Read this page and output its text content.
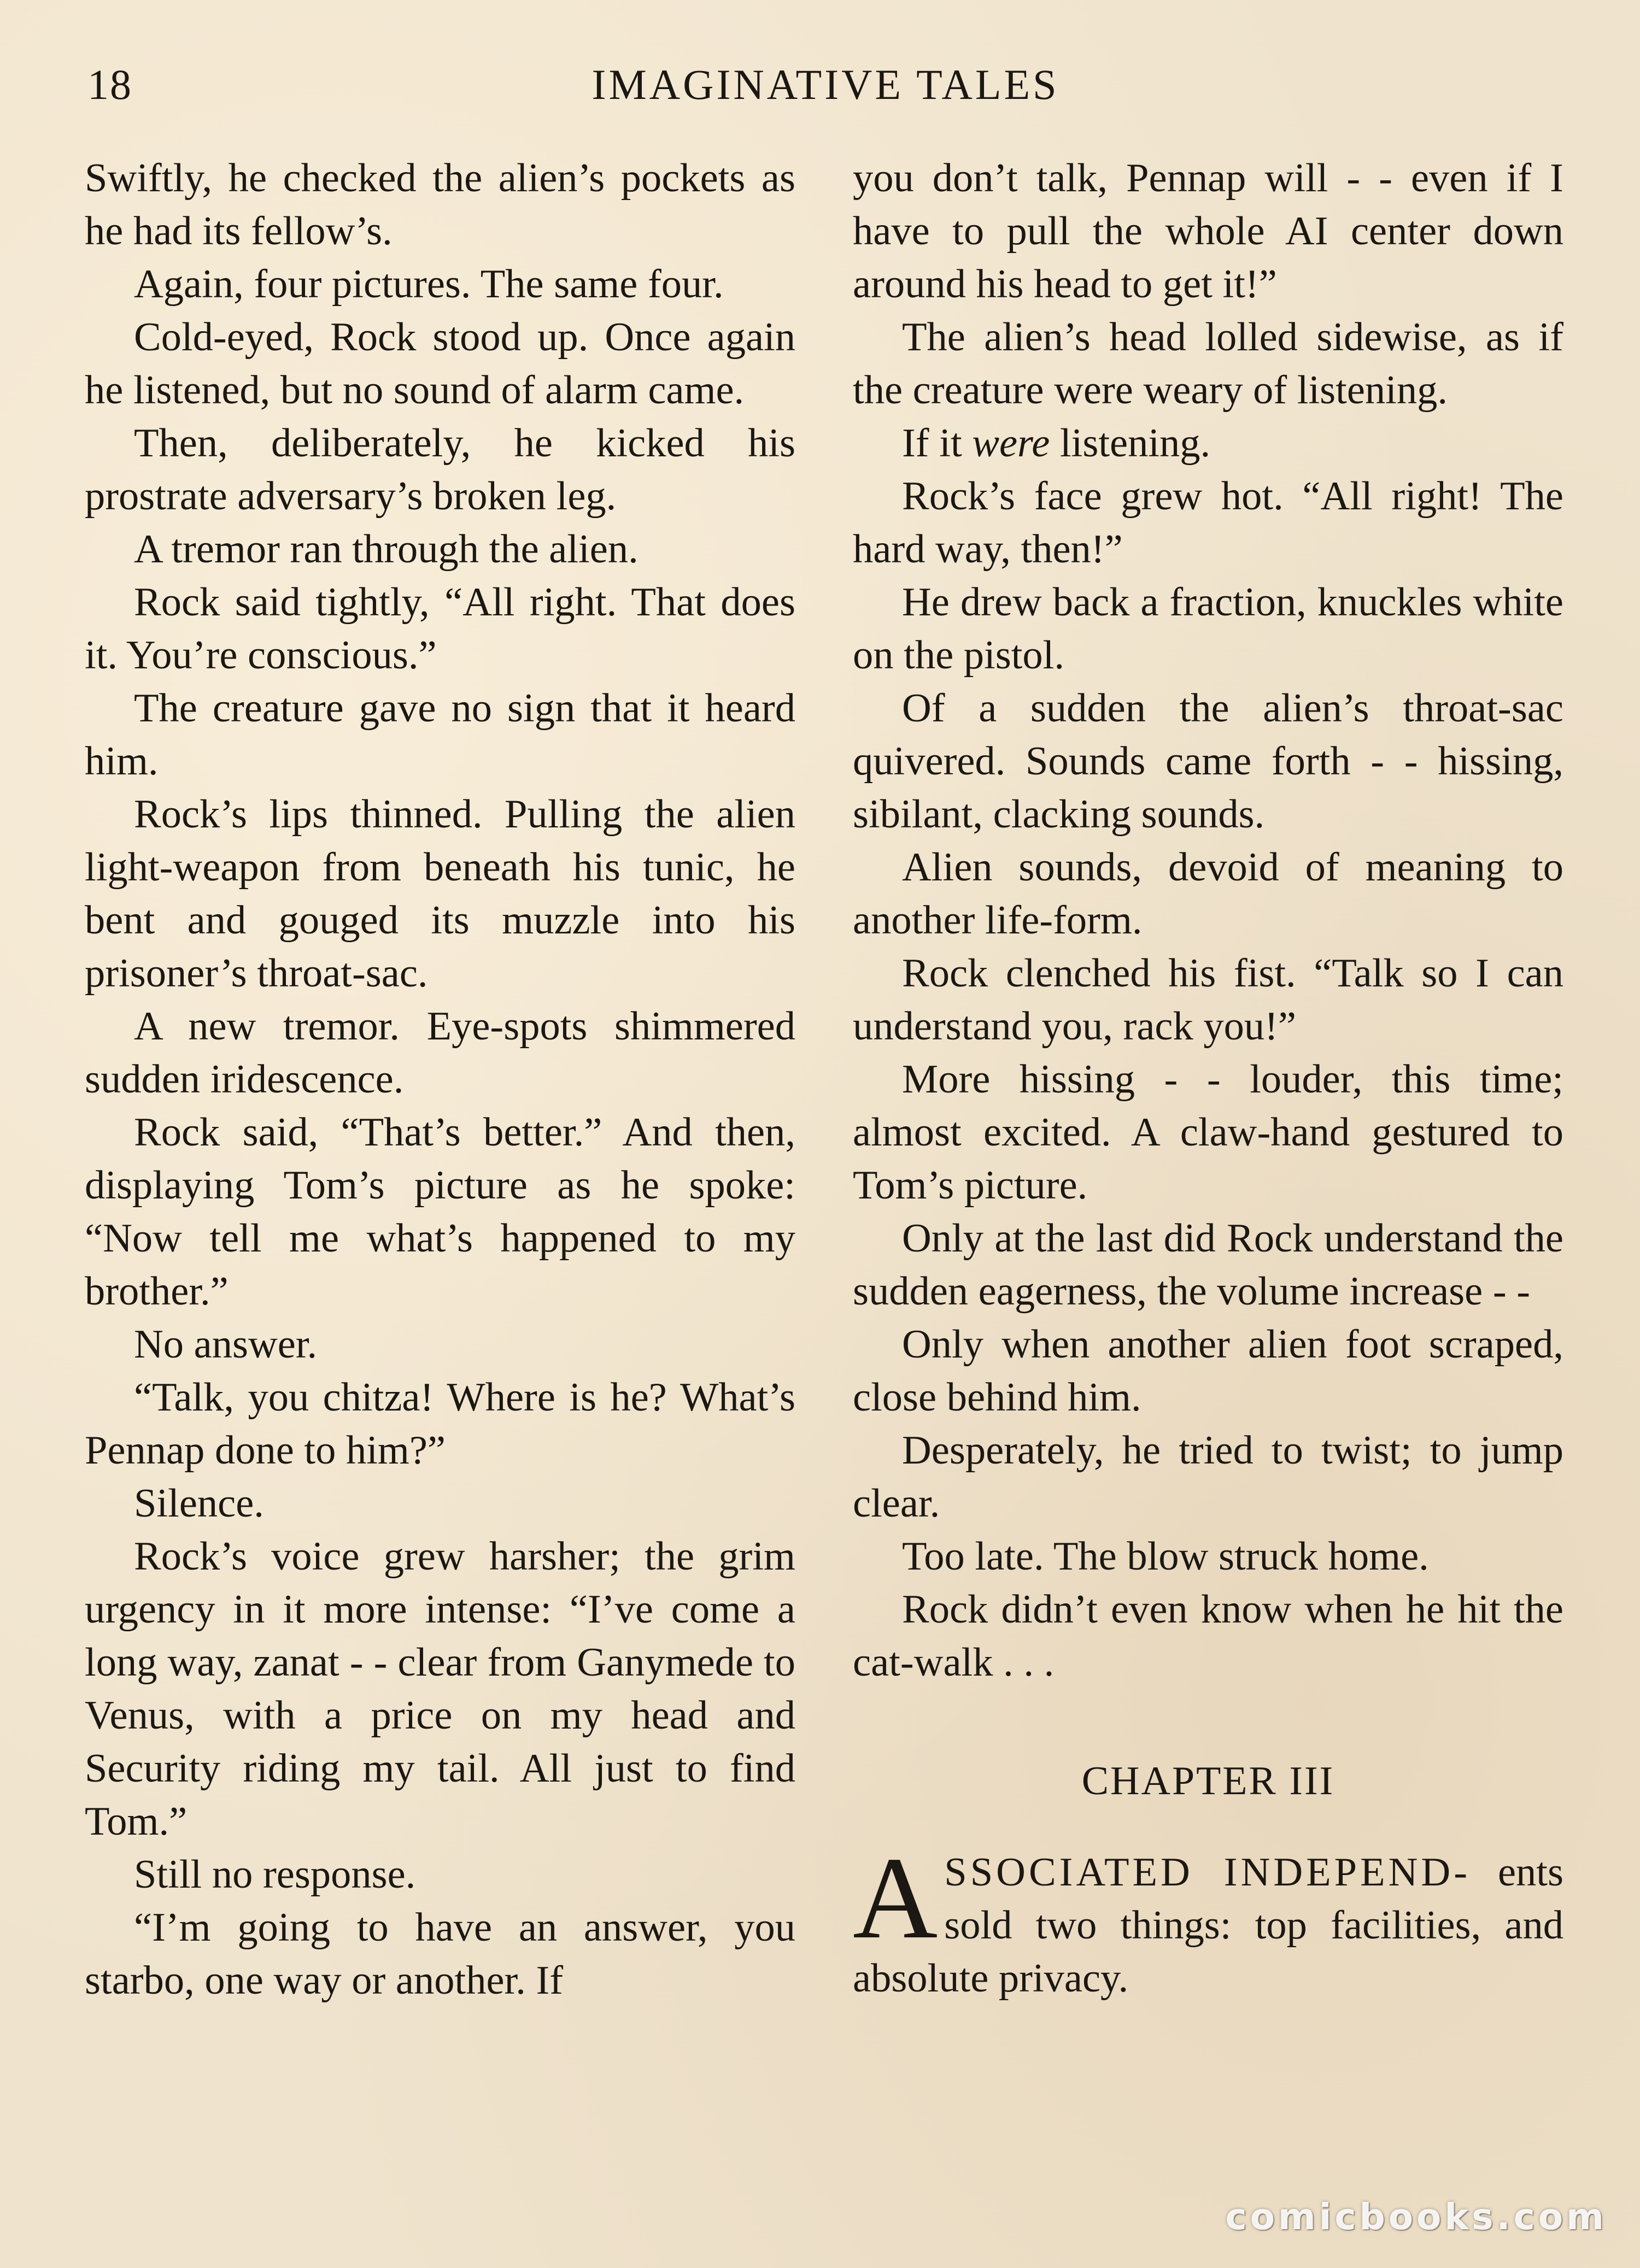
18	IMAGINATIVE TALES

Swiftly, he checked the alien’s pockets as he had its fellow’s.

Again, four pictures. The same four.

Cold-eyed, Rock stood up. Once again he listened, but no sound of alarm came.

Then, deliberately, he kicked his prostrate adversary’s broken leg.

A tremor ran through the alien.

Rock said tightly, “All right. That does it. You’re conscious.”

The creature gave no sign that it heard him.

Rock’s lips thinned. Pulling the alien light-weapon from beneath his tunic, he bent and gouged its muzzle into his prisoner’s throat-sac.

A new tremor. Eye-spots shimmered sudden iridescence.

Rock said, “That’s better.” And then, displaying Tom’s picture as he spoke: “Now tell me what’s happened to my brother.”

No answer.

“Talk, you chitza! Where is he? What’s Pennap done to him?”

Silence.

Rock’s voice grew harsher; the grim urgency in it more intense: “I’ve come a long way, zanat - - clear from Ganymede to Venus, with a price on my head and Security riding my tail. All just to find Tom.”

Still no response.

“I’m going to have an answer, you starbo, one way or another. If

you don’t talk, Pennap will - - even if I have to pull the whole AI center down around his head to get it!”

The alien’s head lolled sidewise, as if the creature were weary of listening.

If it were listening.

Rock’s face grew hot. “All right! The hard way, then!”

He drew back a fraction, knuckles white on the pistol.

Of a sudden the alien’s throat-sac quivered. Sounds came forth - - hissing, sibilant, clacking sounds.

Alien sounds, devoid of meaning to another life-form.

Rock clenched his fist. “Talk so I can understand you, rack you!”

More hissing - - louder, this time; almost excited. A claw-hand gestured to Tom’s picture.

Only at the last did Rock understand the sudden eagerness, the volume increase - -

Only when another alien foot scraped, close behind him.

Desperately, he tried to twist; to jump clear.

Too late. The blow struck home.

Rock didn’t even know when he hit the cat-walk . . .

CHAPTER III

ASSOCIATED INDEPEND- ents sold two things: top facilities, and absolute privacy.

comicbooks.com
